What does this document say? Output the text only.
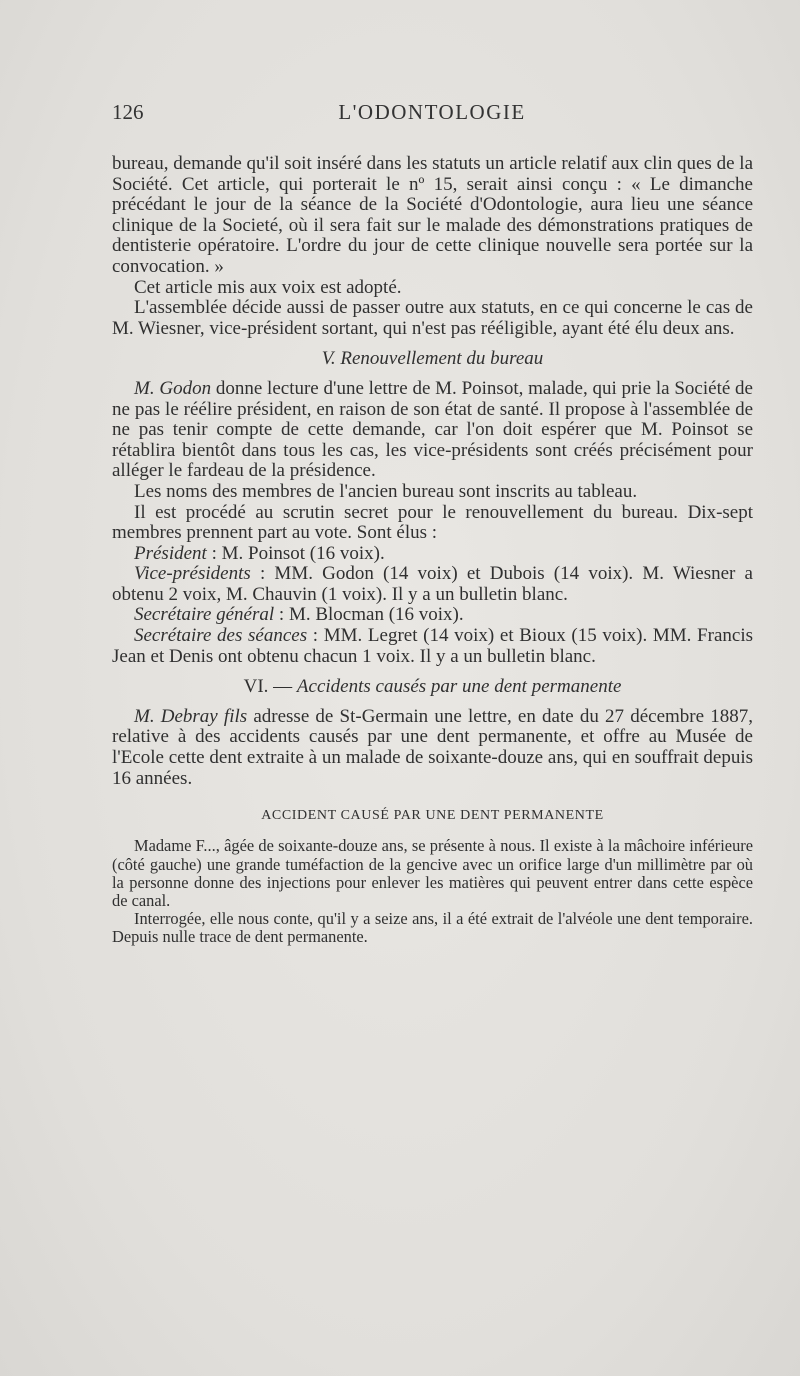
126	L'ODONTOLOGIE

bureau, demande qu'il soit inséré dans les statuts un article relatif aux clin ques de la Société. Cet article, qui porterait le nº 15, serait ainsi conçu : « Le dimanche précédant le jour de la séance de la Société d'Odontologie, aura lieu une séance clinique de la Societé, où il sera fait sur le malade des démonstrations pratiques de dentisterie opératoire. L'ordre du jour de cette clinique nouvelle sera portée sur la convocation. »

Cet article mis aux voix est adopté.

L'assemblée décide aussi de passer outre aux statuts, en ce qui concerne le cas de M. Wiesner, vice-président sortant, qui n'est pas rééligible, ayant été élu deux ans.

V. Renouvellement du bureau

M. Godon donne lecture d'une lettre de M. Poinsot, malade, qui prie la Société de ne pas le réélire président, en raison de son état de santé. Il propose à l'assemblée de ne pas tenir compte de cette demande, car l'on doit espérer que M. Poinsot se rétablira bientôt dans tous les cas, les vice-présidents sont créés précisément pour alléger le fardeau de la présidence.

Les noms des membres de l'ancien bureau sont inscrits au tableau.

Il est procédé au scrutin secret pour le renouvellement du bureau. Dix-sept membres prennent part au vote. Sont élus :

Président : M. Poinsot (16 voix).

Vice-présidents : MM. Godon (14 voix) et Dubois (14 voix). M. Wiesner a obtenu 2 voix, M. Chauvin (1 voix). Il y a un bulletin blanc.

Secrétaire général : M. Blocman (16 voix).

Secrétaire des séances : MM. Legret (14 voix) et Bioux (15 voix). MM. Francis Jean et Denis ont obtenu chacun 1 voix. Il y a un bulletin blanc.

VI. — Accidents causés par une dent permanente

M. Debray fils adresse de St-Germain une lettre, en date du 27 décembre 1887, relative à des accidents causés par une dent permanente, et offre au Musée de l'Ecole cette dent extraite à un malade de soixante-douze ans, qui en souffrait depuis 16 années.

ACCIDENT CAUSÉ PAR UNE DENT PERMANENTE

Madame F..., âgée de soixante-douze ans, se présente à nous. Il existe à la mâchoire inférieure (côté gauche) une grande tuméfaction de la gencive avec un orifice large d'un millimètre par où la personne donne des injections pour enlever les matières qui peuvent entrer dans cette espèce de canal.

Interrogée, elle nous conte, qu'il y a seize ans, il a été extrait de l'alvéole une dent temporaire. Depuis nulle trace de dent permanente.
